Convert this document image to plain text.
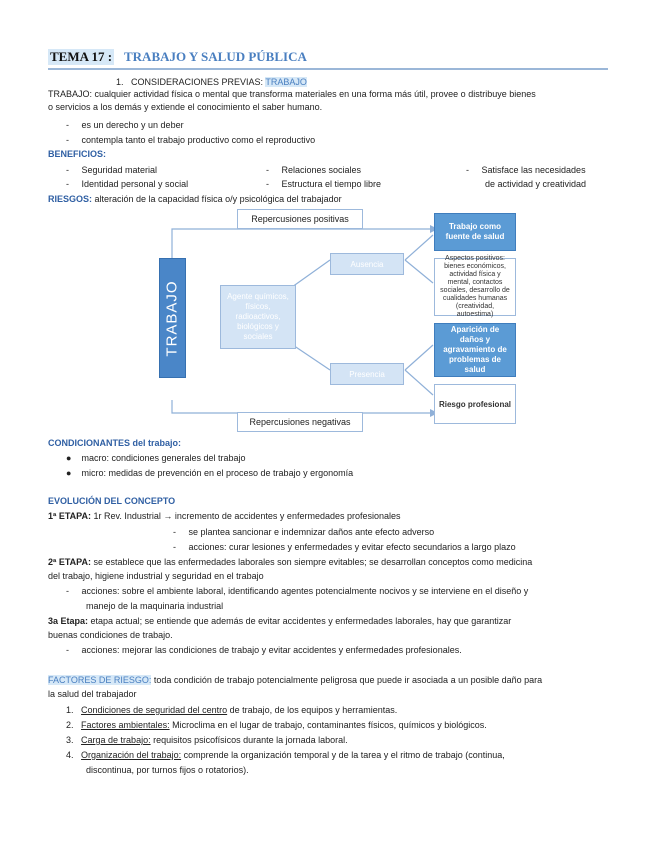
TEMA 17 : TRABAJO Y SALUD PÚBLICA
1. CONSIDERACIONES PREVIAS: TRABAJO
TRABAJO: cualquier actividad física o mental que transforma materiales en una forma más útil, provee o distribuye bienes
o servicios a los demás y extiende el conocimiento el saber humano.
-     es un derecho y un deber
-     contempla tanto el trabajo productivo como el reproductivo
BENEFICIOS:
-     Seguridad material
-     Identidad personal y social
-     Relaciones sociales
-     Estructura el tiempo libre
-     Satisface las necesidades
de actividad y creatividad
RIESGOS: alteración de la capacidad física o/y psicológica del trabajador
TRABAJO	Agente químicos, físicos, radioactivos, biológicos y sociales
Ausencia
Presencia
Repercusiones positivas
Repercusiones negativas
Trabajo como fuente de salud
Aspectos positivos: bienes económicos, actividad física y mental, contactos sociales, desarrollo de cualidades humanas (creatividad, autoestima)
Aparición de daños y agravamiento de problemas de salud
Riesgo profesional
CONDICIONANTES del trabajo:
●    macro: condiciones generales del trabajo
●    micro: medidas de prevención en el proceso de trabajo y ergonomía
EVOLUCIÓN DEL CONCEPTO
1ª ETAPA: 1r Rev. Industrial → incremento de accidentes y enfermedades profesionales
-     se plantea sancionar e indemnizar daños ante efecto adverso
-     acciones: curar lesiones y enfermedades y evitar efecto secundarios a largo plazo
2ª ETAPA: se establece que las enfermedades laborales son siempre evitables; se desarrollan conceptos como medicina
del trabajo, higiene industrial y seguridad en el trabajo
-     acciones: sobre el ambiente laboral, identificando agentes potencialmente nocivos y se interviene en el diseño y
manejo de la maquinaria industrial
3a Etapa: etapa actual; se entiende que además de evitar accidentes y enfermedades laborales, hay que garantizar
buenas condiciones de trabajo.
-     acciones: mejorar las condiciones de trabajo y evitar accidentes y enfermedades profesionales.
FACTORES DE RIESGO: toda condición de trabajo potencialmente peligrosa que puede ir asociada a un posible daño para
la salud del trabajador
1. Condiciones de seguridad del centro de trabajo, de los equipos y herramientas.
2. Factores ambientales: Microclima en el lugar de trabajo, contaminantes físicos, químicos y biológicos.
3. Carga de trabajo: requisitos psicofísicos durante la jornada laboral.
4. Organización del trabajo: comprende la organización temporal y de la tarea y el ritmo de trabajo (continua,
discontinua, por turnos fijos o rotatorios).
